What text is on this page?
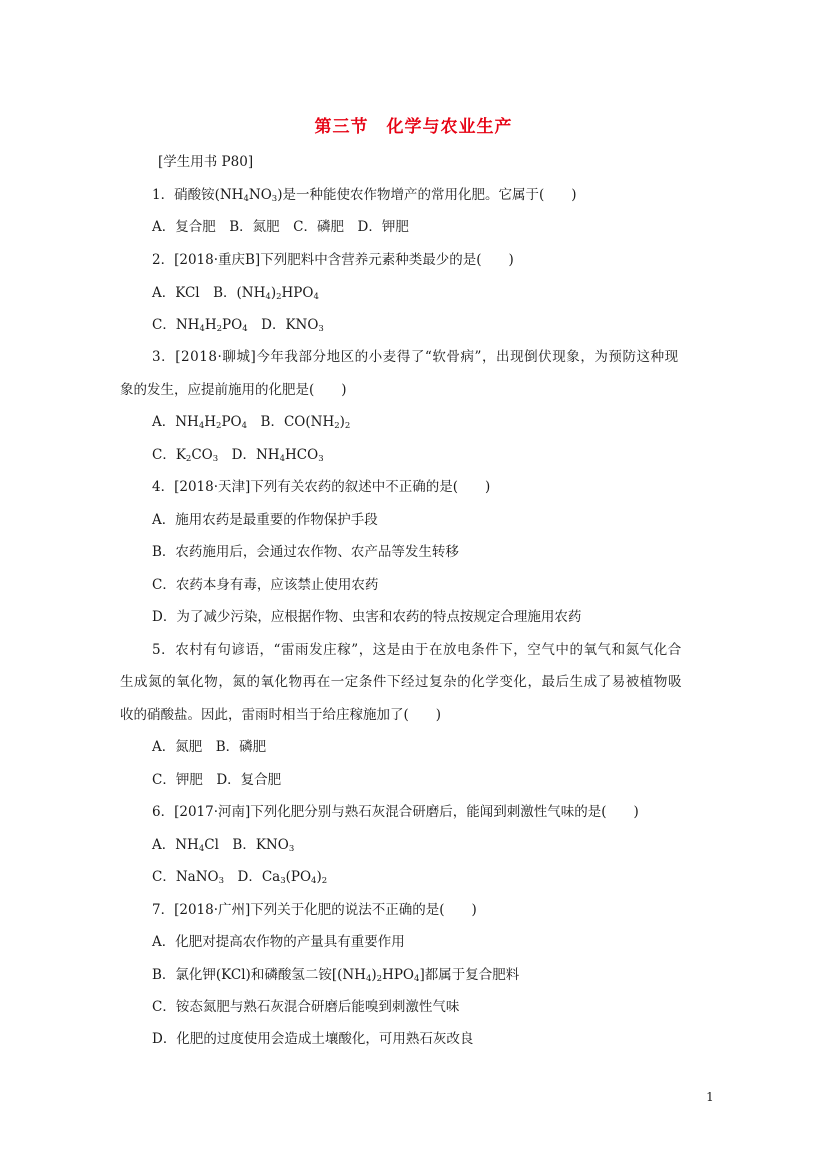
第三节　化学与农业生产
[学生用书 P80]
1．硝酸铵$(NH_4NO_3)$是一种能使农作物增产的常用化肥。它属于(　　)
A．复合肥　B．氮肥　C．磷肥　D．钾肥
2．[2018·重庆B]下列肥料中含营养元素种类最少的是(　　)
A．KCl　B．$(NH_4)_2HPO_4$
C．$NH_4H_2PO_4$　D．$KNO_3$
3．[2018·聊城]今年我部分地区的小麦得了“软骨病”，出现倒伏现象，为预防这种现
象的发生，应提前施用的化肥是(　　)
A．$NH_4H_2PO_4$　B．$CO(NH_2)_2$
C．$K_2CO_3$　D．$NH_4HCO_3$
4．[2018·天津]下列有关农药的叙述中不正确的是(　　)
A．施用农药是最重要的作物保护手段
B．农药施用后，会通过农作物、农产品等发生转移
C．农药本身有毒，应该禁止使用农药
D．为了减少污染，应根据作物、虫害和农药的特点按规定合理施用农药
5．农村有句谚语，“雷雨发庄稼”，这是由于在放电条件下，空气中的氧气和氮气化合
生成氮的氧化物，氮的氧化物再在一定条件下经过复杂的化学变化，最后生成了易被植物吸
收的硝酸盐。因此，雷雨时相当于给庄稼施加了(　　)
A．氮肥　B．磷肥
C．钾肥　D．复合肥
6．[2017·河南]下列化肥分别与熟石灰混合研磨后，能闻到刺激性气味的是(　　)
A．$NH_4Cl$　B．$KNO_3$
C．NaNO$_3$　D．$Ca_3(PO_4)_2$
7．[2018·广州]下列关于化肥的说法不正确的是(　　)
A．化肥对提高农作物的产量具有重要作用
B．氯化钾(KCl)和磷酸氢二铵$[(NH_4)_2HPO_4]$都属于复合肥料
C．铵态氮肥与熟石灰混合研磨后能嗅到刺激性气味
D．化肥的过度使用会造成土壤酸化，可用熟石灰改良
1
